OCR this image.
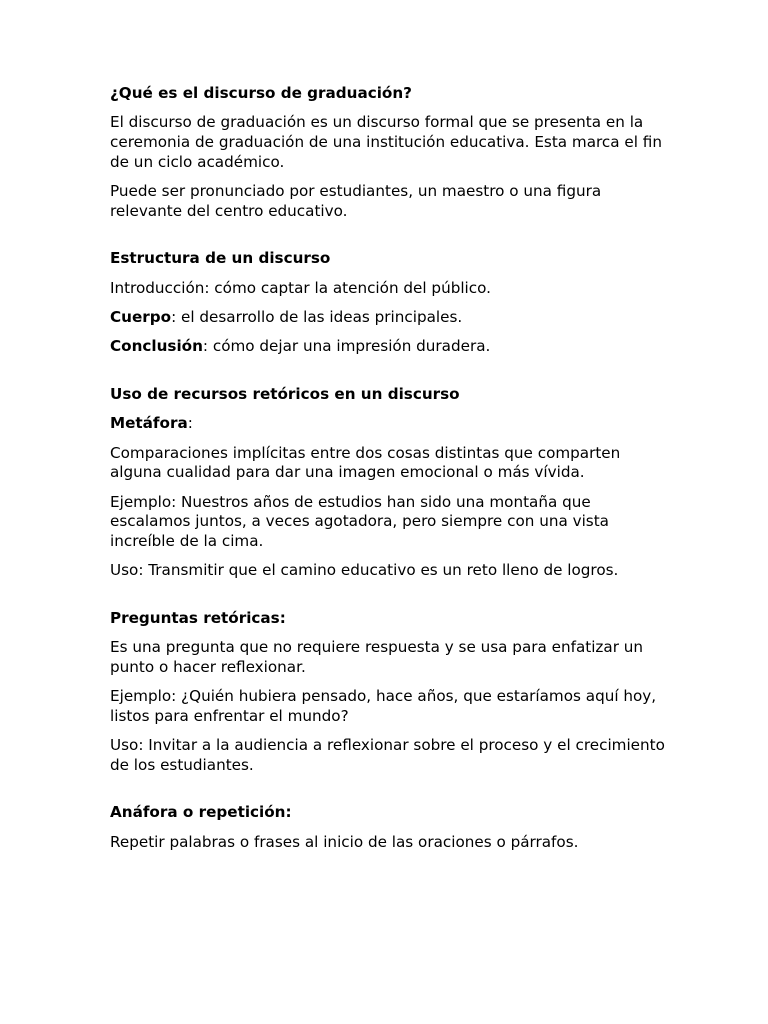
¿Qué es el discurso de graduación?
El discurso de graduación es un discurso formal que se presenta en la ceremonia de graduación de una institución educativa. Esta marca el fin de un ciclo académico.
Puede ser pronunciado por estudiantes, un maestro o una figura relevante del centro educativo.
Estructura de un discurso
Introducción: cómo captar la atención del público.
Cuerpo: el desarrollo de las ideas principales.
Conclusión: cómo dejar una impresión duradera.
Uso de recursos retóricos en un discurso
Metáfora:
Comparaciones implícitas entre dos cosas distintas que comparten alguna cualidad para dar una imagen emocional o más vívida.
Ejemplo: Nuestros años de estudios han sido una montaña que escalamos juntos, a veces agotadora, pero siempre con una vista increíble de la cima.
Uso: Transmitir que el camino educativo es un reto lleno de logros.
Preguntas retóricas:
Es una pregunta que no requiere respuesta y se usa para enfatizar un punto o hacer reflexionar.
Ejemplo: ¿Quién hubiera pensado, hace años, que estaríamos aquí hoy, listos para enfrentar el mundo?
Uso: Invitar a la audiencia a reflexionar sobre el proceso y el crecimiento de los estudiantes.
Anáfora o repetición:
Repetir palabras o frases al inicio de las oraciones o párrafos.
